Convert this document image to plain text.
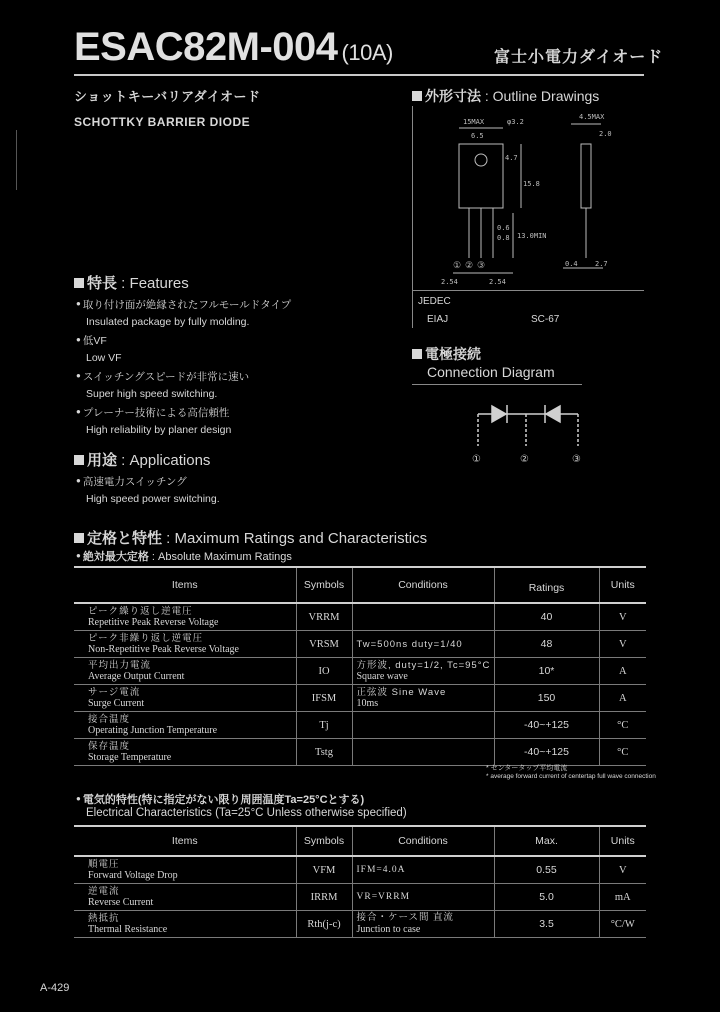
ESAC82M-004 (10A)	富士小電力ダイオード
ショットキーバリアダイオード
SCHOTTKY BARRIER DIODE
外形寸法 : Outline Drawings
15MAX
6.5
φ3.2
4.5MAX
2.0
4.7
15.8
13.0MIN
0.6
0.8
0.4 2.7
2.54	2.54
① ② ③
JEDEC
EIAJ	SC-67
特長 : Features
● 取り付け面が絶縁されたフルモールドタイプ
Insulated package by fully molding.
● 低VF
Low VF
● スイッチングスピードが非常に速い
Super high speed switching.
● プレーナー技術による高信頼性
High reliability by planer design
電極接続
Connection Diagram
①	②	③
用途 : Applications
● 高速電力スイッチング
High speed power switching.
定格と特性 : Maximum Ratings and Characteristics
● 絶対最大定格 : Absolute Maximum Ratings
Items	Symbols	Conditions	Ratings	Units

ピーク繰り返し逆電圧
Repetitive Peak Reverse Voltage	VRRM		40	V

ピーク非繰り返し逆電圧
Non-Repetitive Peak Reverse Voltage	VRSM	Tw=500ns duty=1/40	48	V

平均出力電流
Average Output Current	IO	方形波, duty=1/2, Tc=95°C
Square wave	10*	A

サージ電流
Surge Current	IFSM	正弦波 Sine Wave
10ms	150	A

接合温度
Operating Junction Temperature	Tj		-40~+125	°C

保存温度
Storage Temperature	Tstg		-40~+125	°C
* センタータップ平均電流
* average forward current of centertap full wave connection
● 電気的特性(特に指定がない限り周囲温度Ta=25°Cとする)
Electrical Characteristics (Ta=25°C Unless otherwise specified)
Items	Symbols	Conditions	Max.	Units

順電圧
Forward Voltage Drop	VFM	IFM=4.0A	0.55	V

逆電流
Reverse Current	IRRM	VR=VRRM	5.0	mA

熱抵抗
Thermal Resistance	Rth(j-c)	接合・ケース間 直流
Junction to case	3.5	°C/W
A-429
